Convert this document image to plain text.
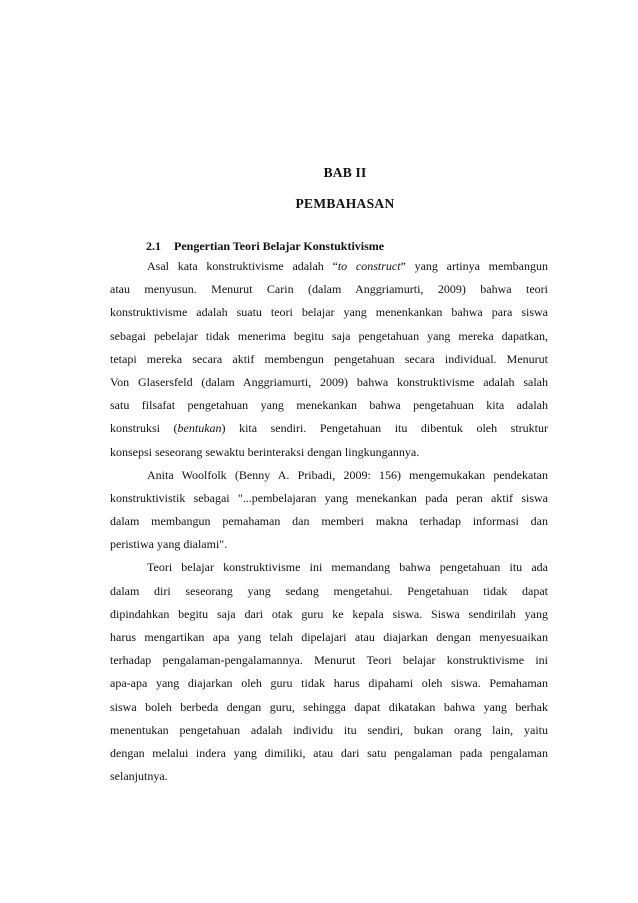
BAB II
PEMBAHASAN
2.1 Pengertian Teori Belajar Konstuktivisme
Asal kata konstruktivisme adalah “to construct” yang artinya membangun
atau menyusun. Menurut Carin (dalam Anggriamurti, 2009) bahwa teori
konstruktivisme adalah suatu teori belajar yang menenkankan bahwa para siswa
sebagai pebelajar tidak menerima begitu saja pengetahuan yang mereka dapatkan,
tetapi mereka secara aktif membengun pengetahuan secara individual. Menurut
Von Glasersfeld (dalam Anggriamurti, 2009) bahwa konstruktivisme adalah salah
satu filsafat pengetahuan yang menekankan bahwa pengetahuan kita adalah
konstruksi (bentukan) kita sendiri. Pengetahuan itu dibentuk oleh struktur
konsepsi seseorang sewaktu berinteraksi dengan lingkungannya.
Anita Woolfolk (Benny A. Pribadi, 2009: 156) mengemukakan pendekatan
konstruktivistik sebagai "...pembelajaran yang menekankan pada peran aktif siswa
dalam membangun pemahaman dan memberi makna terhadap informasi dan
peristiwa yang dialami".
Teori belajar konstruktivisme ini memandang bahwa pengetahuan itu ada
dalam diri seseorang yang sedang mengetahui. Pengetahuan tidak dapat
dipindahkan begitu saja dari otak guru ke kepala siswa. Siswa sendirilah yang
harus mengartikan apa yang telah dipelajari atau diajarkan dengan menyesuaikan
terhadap pengalaman-pengalamannya. Menurut Teori belajar konstruktivisme ini
apa-apa yang diajarkan oleh guru tidak harus dipahami oleh siswa. Pemahaman
siswa boleh berbeda dengan guru, sehingga dapat dikatakan bahwa yang berhak
menentukan pengetahuan adalah individu itu sendiri, bukan orang lain, yaitu
dengan melalui indera yang dimiliki, atau dari satu pengalaman pada pengalaman
selanjutnya.
